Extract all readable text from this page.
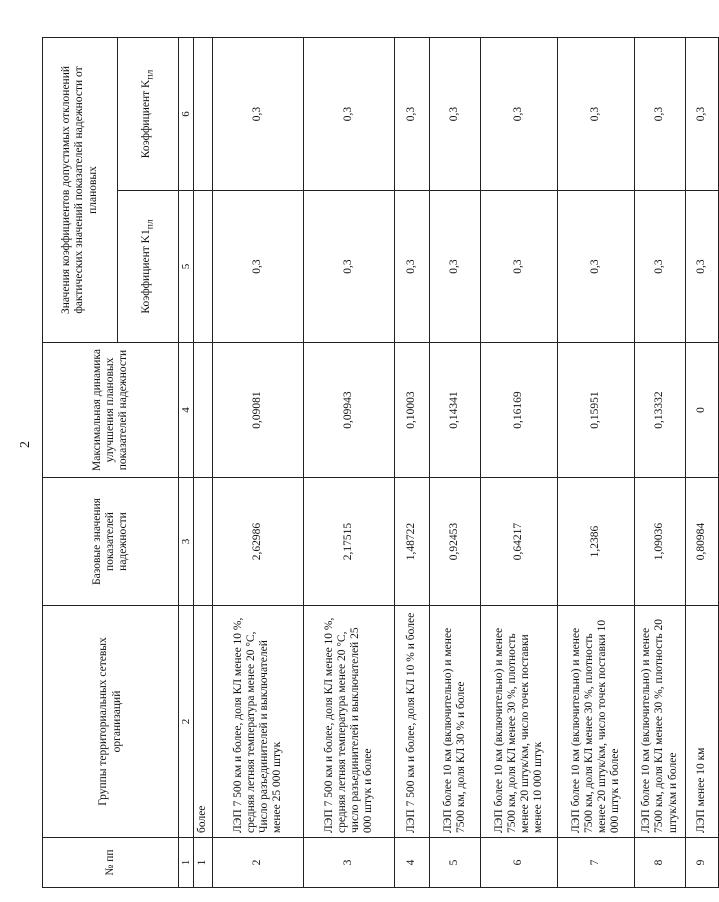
2
№ пп	Группы территориальных сетевых организаций	Базовые значения показателей надежности	Максимальная динамика улучшения плановых показателей надежности	Значения коэффициентов допустимых отклонений фактических значений показателей надежности от плановых	
				Коэффициент $K1_{пл}$	Коэффициент $K_{пл}$
1	2	3	4	5	6
1	более				
2	ЛЭП 7 500 км и более, доля КЛ менее 10 %, средняя летняя температура менее 20 °C, Число разъединителей и выключателей менее 25 000 штук	2,62986	0,09081	0,3	0,3
3	ЛЭП 7 500 км и более, доля КЛ менее 10 %, средняя летняя температура менее 20 °C, число разъединителей и выключателей 25 000 штук и более	2,17515	0,09943	0,3	0,3
4	ЛЭП 7 500 км и более, доля КЛ 10 % и более	1,48722	0,10003	0,3	0,3
5	ЛЭП более 10 км (включительно) и менее 7500 км, доля КЛ 30 % и более	0,92453	0,14341	0,3	0,3
6	ЛЭП более 10 км (включительно) и менее 7500 км, доля КЛ менее 30 %, плотность менее 20 штук/км, число точек поставки менее 10 000 штук	0,64217	0,16169	0,3	0,3
7	ЛЭП более 10 км (включительно) и менее 7500 км, доля КЛ менее 30 %, плотность менее 20 штук/км, число точек поставки 10 000 штук и более	1,2386	0,15951	0,3	0,3
8	ЛЭП более 10 км (включительно) и менее 7500 км, доля КЛ менее 30 %, плотность 20 штук/км и более	1,09036	0,13332	0,3	0,3
9	ЛЭП менее 10 км	0,80984	0	0,3	0,3
